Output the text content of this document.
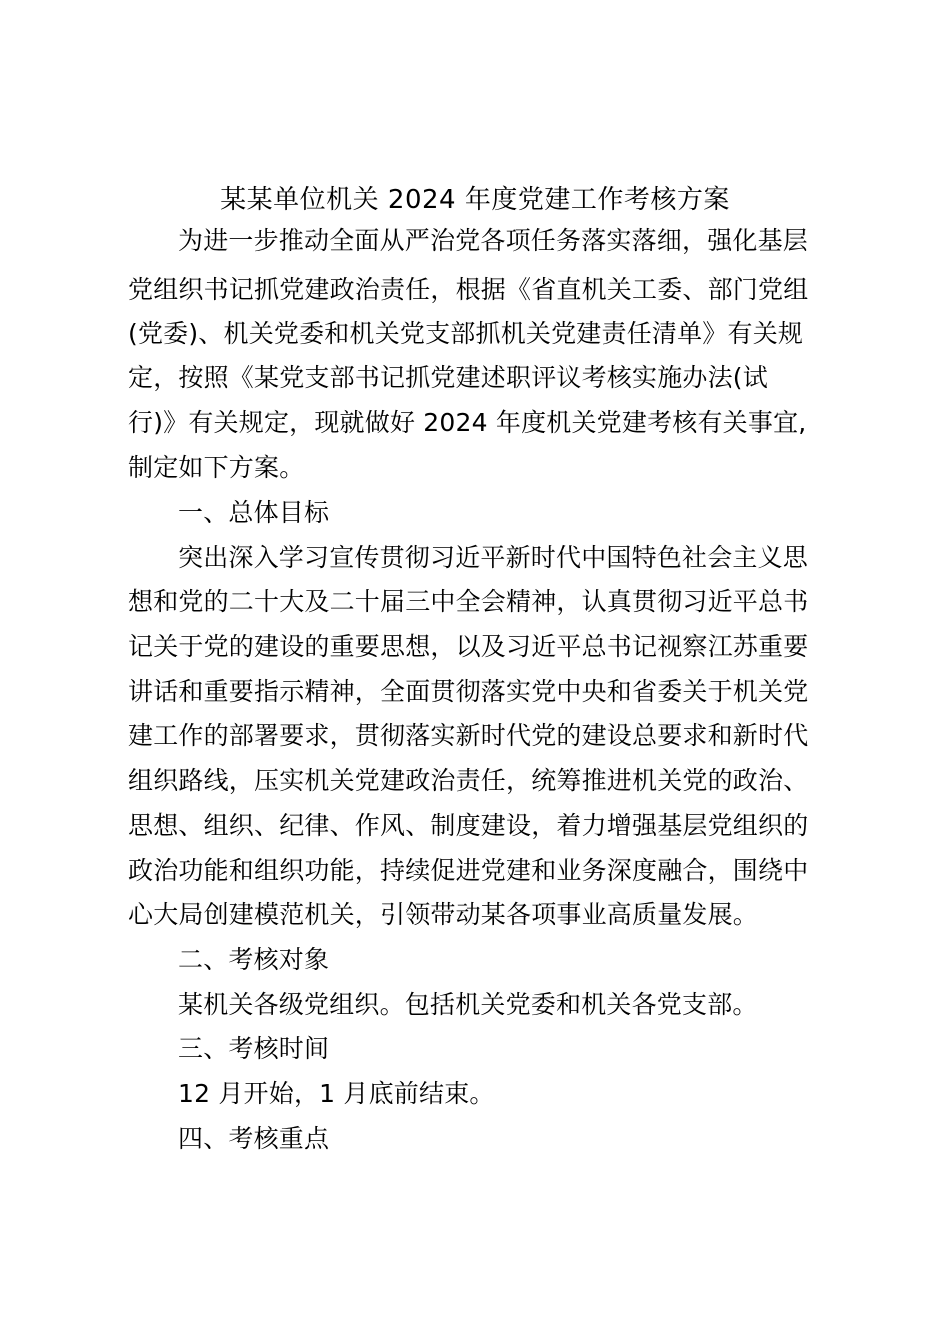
某某单位机关 2024 年度党建工作考核方案
为进一步推动全面从严治党各项任务落实落细，强化基层
党组织书记抓党建政治责任，根据《省直机关工委、部门党组
(党委)、机关党委和机关党支部抓机关党建责任清单》有关规
定，按照《某党支部书记抓党建述职评议考核实施办法(试
行)》有关规定，现就做好 2024 年度机关党建考核有关事宜,
制定如下方案。
一、总体目标
突出深入学习宣传贯彻习近平新时代中国特色社会主义思
想和党的二十大及二十届三中全会精神，认真贯彻习近平总书
记关于党的建设的重要思想，以及习近平总书记视察江苏重要
讲话和重要指示精神，全面贯彻落实党中央和省委关于机关党
建工作的部署要求，贯彻落实新时代党的建设总要求和新时代
组织路线，压实机关党建政治责任，统筹推进机关党的政治、
思想、组织、纪律、作风、制度建设，着力增强基层党组织的
政治功能和组织功能，持续促进党建和业务深度融合，围绕中
心大局创建模范机关，引领带动某各项事业高质量发展。
二、考核对象
某机关各级党组织。包括机关党委和机关各党支部。
三、考核时间
12 月开始，1 月底前结束。
四、考核重点
